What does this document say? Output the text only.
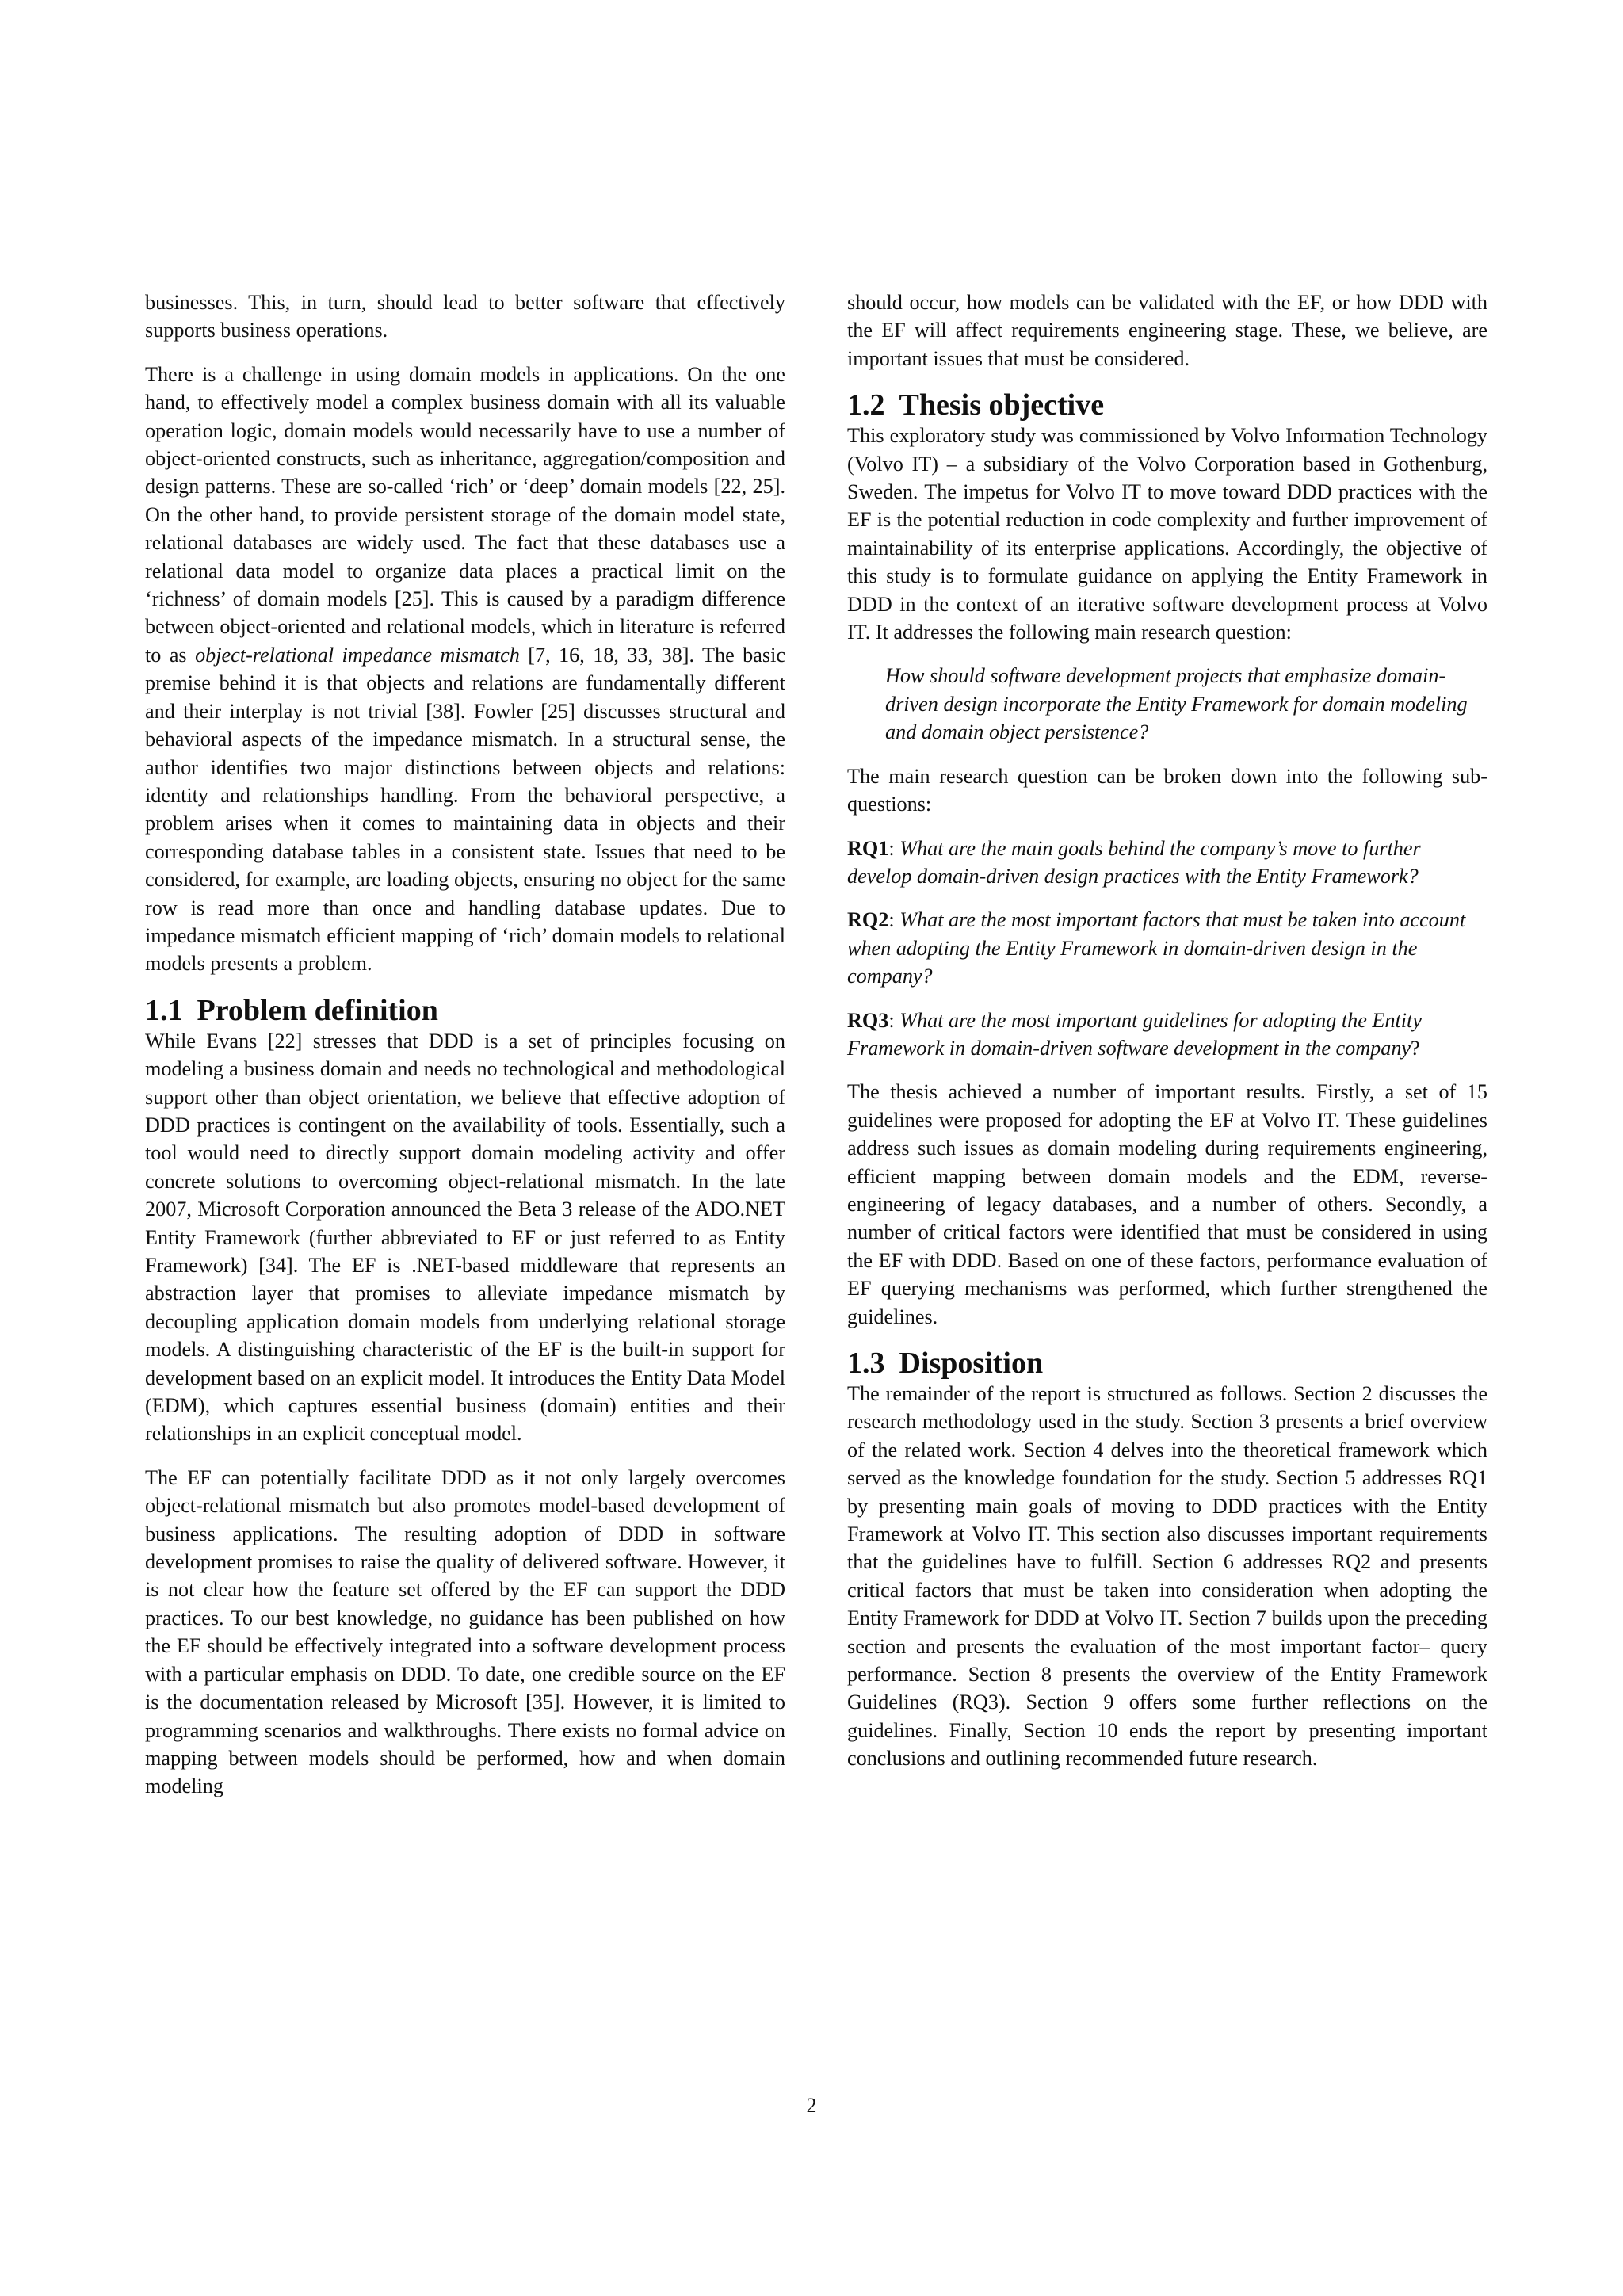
businesses. This, in turn, should lead to better software that effectively supports business operations.

There is a challenge in using domain models in applications. On the one hand, to effectively model a complex business domain with all its valuable operation logic, domain models would necessarily have to use a number of object-oriented constructs, such as inheritance, aggregation/composition and design patterns. These are so-called ‘rich’ or ‘deep’ domain models [22, 25]. On the other hand, to provide persistent storage of the domain model state, relational databases are widely used. The fact that these databases use a relational data model to organize data places a practical limit on the ‘richness’ of domain models [25]. This is caused by a paradigm difference between object-oriented and relational models, which in literature is referred to as object-relational impedance mismatch [7, 16, 18, 33, 38]. The basic premise behind it is that objects and relations are fundamentally different and their interplay is not trivial [38]. Fowler [25] discusses structural and behavioral aspects of the impedance mismatch. In a structural sense, the author identifies two major distinctions between objects and relations: identity and relationships handling. From the behavioral perspective, a problem arises when it comes to maintaining data in objects and their corresponding database tables in a consistent state. Issues that need to be considered, for example, are loading objects, ensuring no object for the same row is read more than once and handling database updates. Due to impedance mismatch efficient mapping of ‘rich’ domain models to relational models presents a problem.

1.1 Problem definition

While Evans [22] stresses that DDD is a set of principles focusing on modeling a business domain and needs no technological and methodological support other than object orientation, we believe that effective adoption of DDD practices is contingent on the availability of tools. Essentially, such a tool would need to directly support domain modeling activity and offer concrete solutions to overcoming object-relational mismatch. In the late 2007, Microsoft Corporation announced the Beta 3 release of the ADO.NET Entity Framework (further abbreviated to EF or just referred to as Entity Framework) [34]. The EF is .NET-based middleware that represents an abstraction layer that promises to alleviate impedance mismatch by decoupling application domain models from underlying relational storage models. A distinguishing characteristic of the EF is the built-in support for development based on an explicit model. It introduces the Entity Data Model (EDM), which captures essential business (domain) entities and their relationships in an explicit conceptual model.

The EF can potentially facilitate DDD as it not only largely overcomes object-relational mismatch but also promotes model-based development of business applications. The resulting adoption of DDD in software development promises to raise the quality of delivered software. However, it is not clear how the feature set offered by the EF can support the DDD practices. To our best knowledge, no guidance has been published on how the EF should be effectively integrated into a software development process with a particular emphasis on DDD. To date, one credible source on the EF is the documentation released by Microsoft [35]. However, it is limited to programming scenarios and walkthroughs. There exists no formal advice on mapping between models should be performed, how and when domain modeling

should occur, how models can be validated with the EF, or how DDD with the EF will affect requirements engineering stage. These, we believe, are important issues that must be considered.

1.2 Thesis objective

This exploratory study was commissioned by Volvo Information Technology (Volvo IT) – a subsidiary of the Volvo Corporation based in Gothenburg, Sweden. The impetus for Volvo IT to move toward DDD practices with the EF is the potential reduction in code complexity and further improvement of maintainability of its enterprise applications. Accordingly, the objective of this study is to formulate guidance on applying the Entity Framework in DDD in the context of an iterative software development process at Volvo IT. It addresses the following main research question:

How should software development projects that emphasize domain-driven design incorporate the Entity Framework for domain modeling and domain object persistence?

The main research question can be broken down into the following sub-questions:

RQ1: What are the main goals behind the company’s move to further develop domain-driven design practices with the Entity Framework?

RQ2: What are the most important factors that must be taken into account when adopting the Entity Framework in domain-driven design in the company?

RQ3: What are the most important guidelines for adopting the Entity Framework in domain-driven software development in the company?

The thesis achieved a number of important results. Firstly, a set of 15 guidelines were proposed for adopting the EF at Volvo IT. These guidelines address such issues as domain modeling during requirements engineering, efficient mapping between domain models and the EDM, reverse-engineering of legacy databases, and a number of others. Secondly, a number of critical factors were identified that must be considered in using the EF with DDD. Based on one of these factors, performance evaluation of EF querying mechanisms was performed, which further strengthened the guidelines.

1.3 Disposition

The remainder of the report is structured as follows. Section 2 discusses the research methodology used in the study. Section 3 presents a brief overview of the related work. Section 4 delves into the theoretical framework which served as the knowledge foundation for the study. Section 5 addresses RQ1 by presenting main goals of moving to DDD practices with the Entity Framework at Volvo IT. This section also discusses important requirements that the guidelines have to fulfill. Section 6 addresses RQ2 and presents critical factors that must be taken into consideration when adopting the Entity Framework for DDD at Volvo IT. Section 7 builds upon the preceding section and presents the evaluation of the most important factor– query performance. Section 8 presents the overview of the Entity Framework Guidelines (RQ3). Section 9 offers some further reflections on the guidelines. Finally, Section 10 ends the report by presenting important conclusions and outlining recommended future research.

2
